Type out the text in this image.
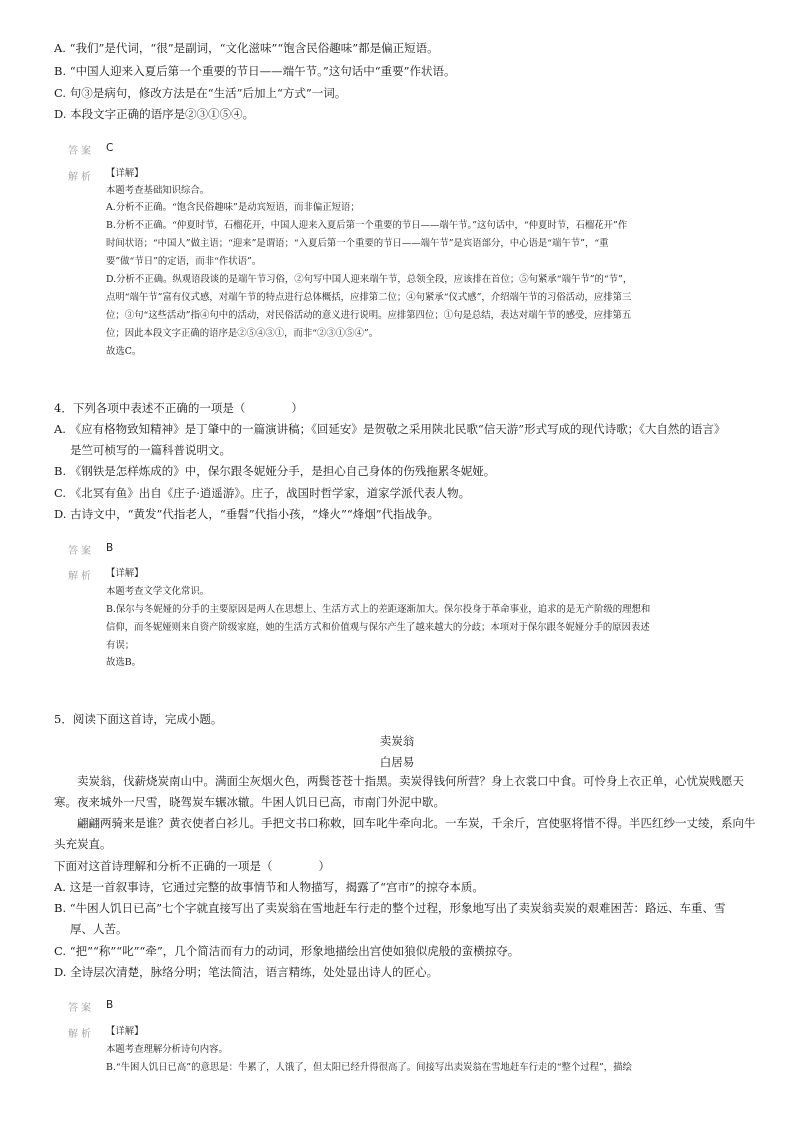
A. “我们”是代词，“很”是副词，“文化滋味”“饱含民俗趣味”都是偏正短语。
B. “中国人迎来入夏后第一个重要的节日——端午节。”这句话中“重要”作状语。
C. 句③是病句，修改方法是在“生活”后加上“方式”一词。
D. 本段文字正确的语序是②③①⑤④。
答案 C
解析 【详解】
本题考查基础知识综合。
A.分析不正确。“饱含民俗趣味”是动宾短语，而非偏正短语；
B.分析不正确。“仲夏时节，石榴花开，中国人迎来入夏后第一个重要的节日——端午节。”这句话中，“仲夏时节，石榴花开”作
时间状语；“中国人”做主语；“迎来”是谓语；“入夏后第一个重要的节日——端午节”是宾语部分，中心语是“端午节”，“重
要”做“节日”的定语，而非“作状语”。
D.分析不正确。纵观语段谈的是端午节习俗，②句写中国人迎来端午节，总领全段，应该排在首位；⑤句紧承“端午节”的“节”，
点明“端午节”富有仪式感，对端午节的特点进行总体概括，应排第二位；④句紧承“仪式感”，介绍端午节的习俗活动，应排第三
位；③句“这些活动”指④句中的活动，对民俗活动的意义进行说明。应排第四位；①句是总结，表达对端午节的感受，应排第五
位；因此本段文字正确的语序是②⑤④③①，而非“②③①⑤④”。
故选C。
4．下列各项中表述不正确的一项是（　　　　）
A. 《应有格物致知精神》是丁肇中的一篇演讲稿；《回延安》是贺敬之采用陕北民歌“信天游”形式写成的现代诗歌；《大自然的语言》
是竺可桢写的一篇科普说明文。
B. 《钢铁是怎样炼成的》中，保尔跟冬妮娅分手，是担心自己身体的伤残拖累冬妮娅。
C. 《北冥有鱼》出自《庄子·逍遥游》。庄子，战国时哲学家，道家学派代表人物。
D. 古诗文中，“黄发”代指老人，“垂髫”代指小孩，“烽火”“烽烟”代指战争。
答案 B
解析 【详解】
本题考查文学文化常识。
B.保尔与冬妮娅的分手的主要原因是两人在思想上、生活方式上的差距逐渐加大。保尔投身于革命事业，追求的是无产阶级的理想和
信仰，而冬妮娅则来自资产阶级家庭，她的生活方式和价值观与保尔产生了越来越大的分歧；本项对于保尔跟冬妮娅分手的原因表述
有误；
故选B。
5．阅读下面这首诗，完成小题。
卖炭翁
白居易
　　卖炭翁，伐薪烧炭南山中。满面尘灰烟火色，两鬓苍苍十指黑。卖炭得钱何所营？身上衣裳口中食。可怜身上衣正单，心忧炭贱愿天
寒。夜来城外一尺雪，晓驾炭车辗冰辙。牛困人饥日已高，市南门外泥中歇。
　　翩翩两骑来是谁？黄衣使者白衫儿。手把文书口称敕，回车叱牛牵向北。一车炭，千余斤，宫使驱将惜不得。半匹红纱一丈绫，系向牛
头充炭直。
下面对这首诗理解和分析不正确的一项是（　　　　）
A. 这是一首叙事诗，它通过完整的故事情节和人物描写，揭露了“宫市”的掠夺本质。
B. “牛困人饥日已高”七个字就直接写出了卖炭翁在雪地赶车行走的整个过程，形象地写出了卖炭翁卖炭的艰难困苦：路远、车重、雪
厚、人苦。
C. “把”“称”“叱”“牵”，几个简洁而有力的动词，形象地描绘出宫使如狼似虎般的蛮横掠夺。
D. 全诗层次清楚，脉络分明；笔法简洁，语言精练，处处显出诗人的匠心。
答案 B
解析 【详解】
本题考查理解分析诗句内容。
B.“牛困人饥日已高”的意思是：牛累了，人饿了，但太阳已经升得很高了。间接写出卖炭翁在雪地赶车行走的“整个过程”，描绘
